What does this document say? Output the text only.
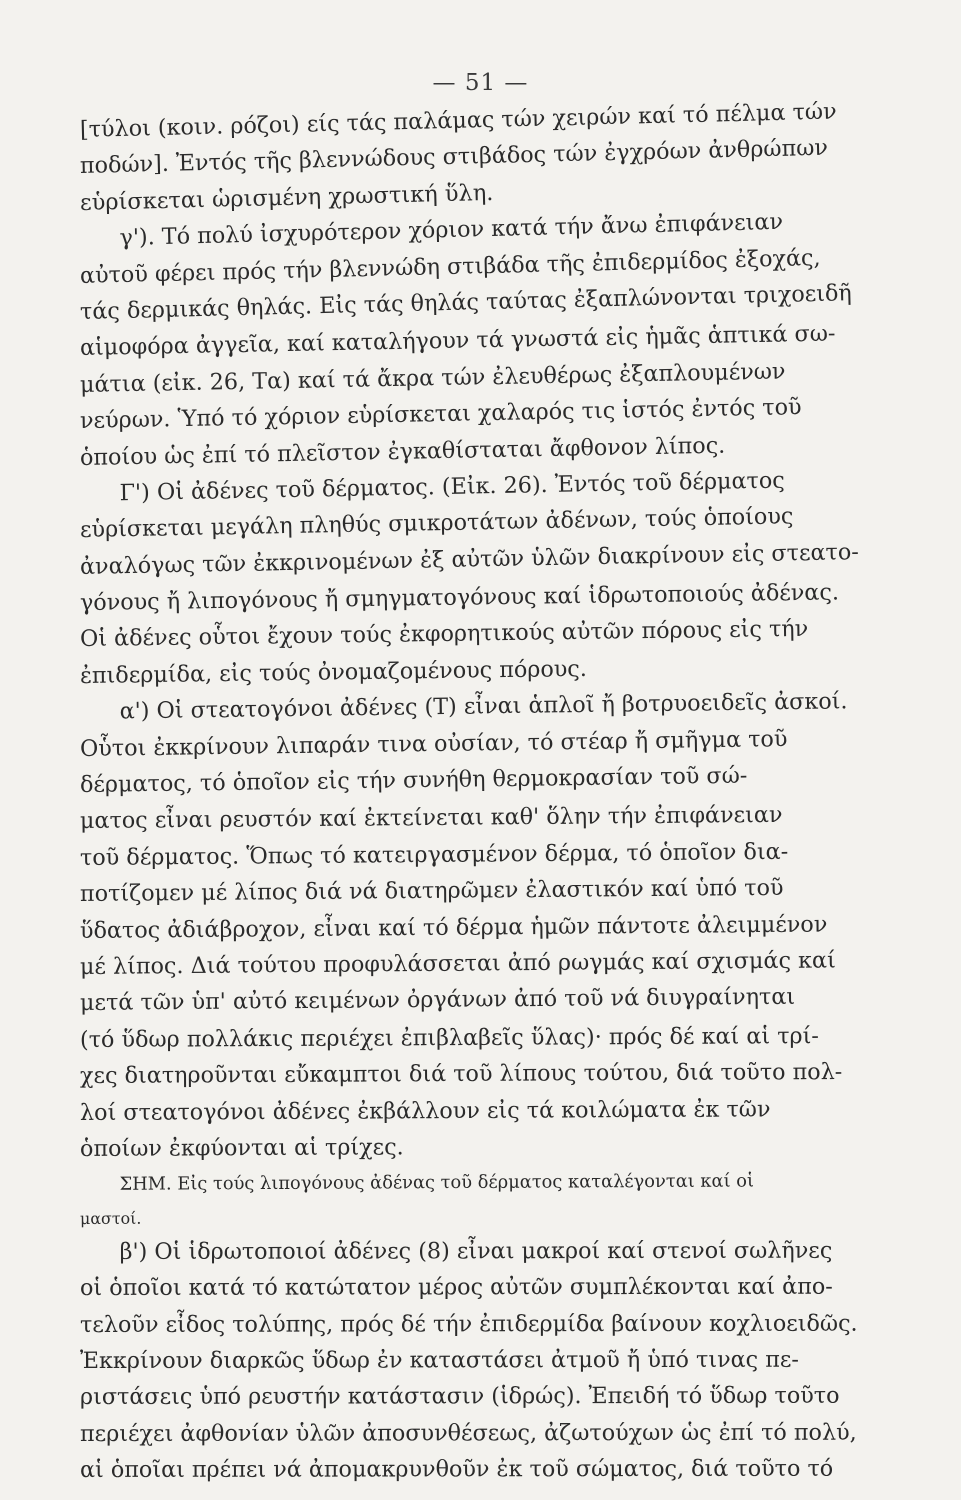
— 51 —
[τύλοι (κοιν. ρόζοι) είς τάς παλάμας τών χειρών καί τό πέλμα τών
ποδών]. Ἐντός τῆς βλεννώδους στιβάδος τών ἐγχρόων ἀνθρώπων
εὑρίσκεται ὡρισμένη χρωστική ὕλη.
γ'). Τό πολύ ἰσχυρότερον χόριον κατά τήν ἄνω ἐπιφάνειαν
αὐτοῦ φέρει πρός τήν βλεννώδη στιβάδα τῆς ἐπιδερμίδος ἐξοχάς,
τάς δερμικάς θηλάς. Εἰς τάς θηλάς ταύτας ἐξαπλώνονται τριχοειδῆ
αἱμοφόρα ἀγγεῖα, καί καταλήγουν τά γνωστά εἰς ἡμᾶς ἁπτικά σω-
μάτια (εἰκ. 26, Τα) καί τά ἄκρα τών ἐλευθέρως ἐξαπλουμένων
νεύρων. Ὑπό τό χόριον εὑρίσκεται χαλαρός τις ἱστός ἐντός τοῦ
ὁποίου ὡς ἐπί τό πλεῖστον ἐγκαθίσταται ἄφθονον λίπος.
Γ') Οἱ ἀδένες τοῦ δέρματος. (Εἰκ. 26). Ἐντός τοῦ δέρματος
εὑρίσκεται μεγάλη πληθύς σμικροτάτων ἀδένων, τούς ὁποίους
ἀναλόγως τῶν ἐκκρινομένων ἐξ αὐτῶν ὑλῶν διακρίνουν εἰς στεατο-
γόνους ἤ λιπογόνους ἤ σμηγματογόνους καί ἱδρωτοποιούς ἀδένας.
Οἱ ἀδένες οὗτοι ἔχουν τούς ἐκφορητικούς αὐτῶν πόρους εἰς τήν
ἐπιδερμίδα, εἰς τούς ὀνομαζομένους πόρους.
α') Οἱ στεατογόνοι ἀδένες (Τ) εἶναι ἁπλοῖ ἤ βοτρυοειδεῖς ἀσκοί.
Οὗτοι ἐκκρίνουν λιπαράν τινα οὐσίαν, τό στέαρ ἤ σμῆγμα τοῦ
δέρματος, τό ὁποῖον εἰς τήν συνήθη θερμοκρασίαν τοῦ σώ-
ματος εἶναι ρευστόν καί ἐκτείνεται καθ' ὅλην τήν ἐπιφάνειαν
τοῦ δέρματος. Ὅπως τό κατειργασμένον δέρμα, τό ὁποῖον δια-
ποτίζομεν μέ λίπος διά νά διατηρῶμεν ἐλαστικόν καί ὑπό τοῦ
ὕδατος ἀδιάβροχον, εἶναι καί τό δέρμα ἡμῶν πάντοτε ἀλειμμένον
μέ λίπος. Διά τούτου προφυλάσσεται ἀπό ρωγμάς καί σχισμάς καί
μετά τῶν ὑπ' αὐτό κειμένων ὀργάνων ἀπό τοῦ νά διυγραίνηται
(τό ὕδωρ πολλάκις περιέχει ἐπιβλαβεῖς ὕλας)· πρός δέ καί αἱ τρί-
χες διατηροῦνται εὔκαμπτοι διά τοῦ λίπους τούτου, διά τοῦτο πολ-
λοί στεατογόνοι ἀδένες ἐκβάλλουν εἰς τά κοιλώματα ἐκ τῶν
ὁποίων ἐκφύονται αἱ τρίχες.
ΣΗΜ. Εἰς τούς λιπογόνους ἀδένας τοῦ δέρματος καταλέγονται καί οἱ
μαστοί.
β') Οἱ ἱδρωτοποιοί ἀδένες (8) εἶναι μακροί καί στενοί σωλῆνες
οἱ ὁποῖοι κατά τό κατώτατον μέρος αὐτῶν συμπλέκονται καί ἀπο-
τελοῦν εἶδος τολύπης, πρός δέ τήν ἐπιδερμίδα βαίνουν κοχλιοειδῶς.
Ἐκκρίνουν διαρκῶς ὕδωρ ἐν καταστάσει ἀτμοῦ ἤ ὑπό τινας πε-
ριστάσεις ὑπό ρευστήν κατάστασιν (ἱδρώς). Ἐπειδή τό ὕδωρ τοῦτο
περιέχει ἀφθονίαν ὑλῶν ἀποσυνθέσεως, ἀζωτούχων ὡς ἐπί τό πολύ,
αἱ ὁποῖαι πρέπει νά ἀπομακρυνθοῦν ἐκ τοῦ σώματος, διά τοῦτο τό
